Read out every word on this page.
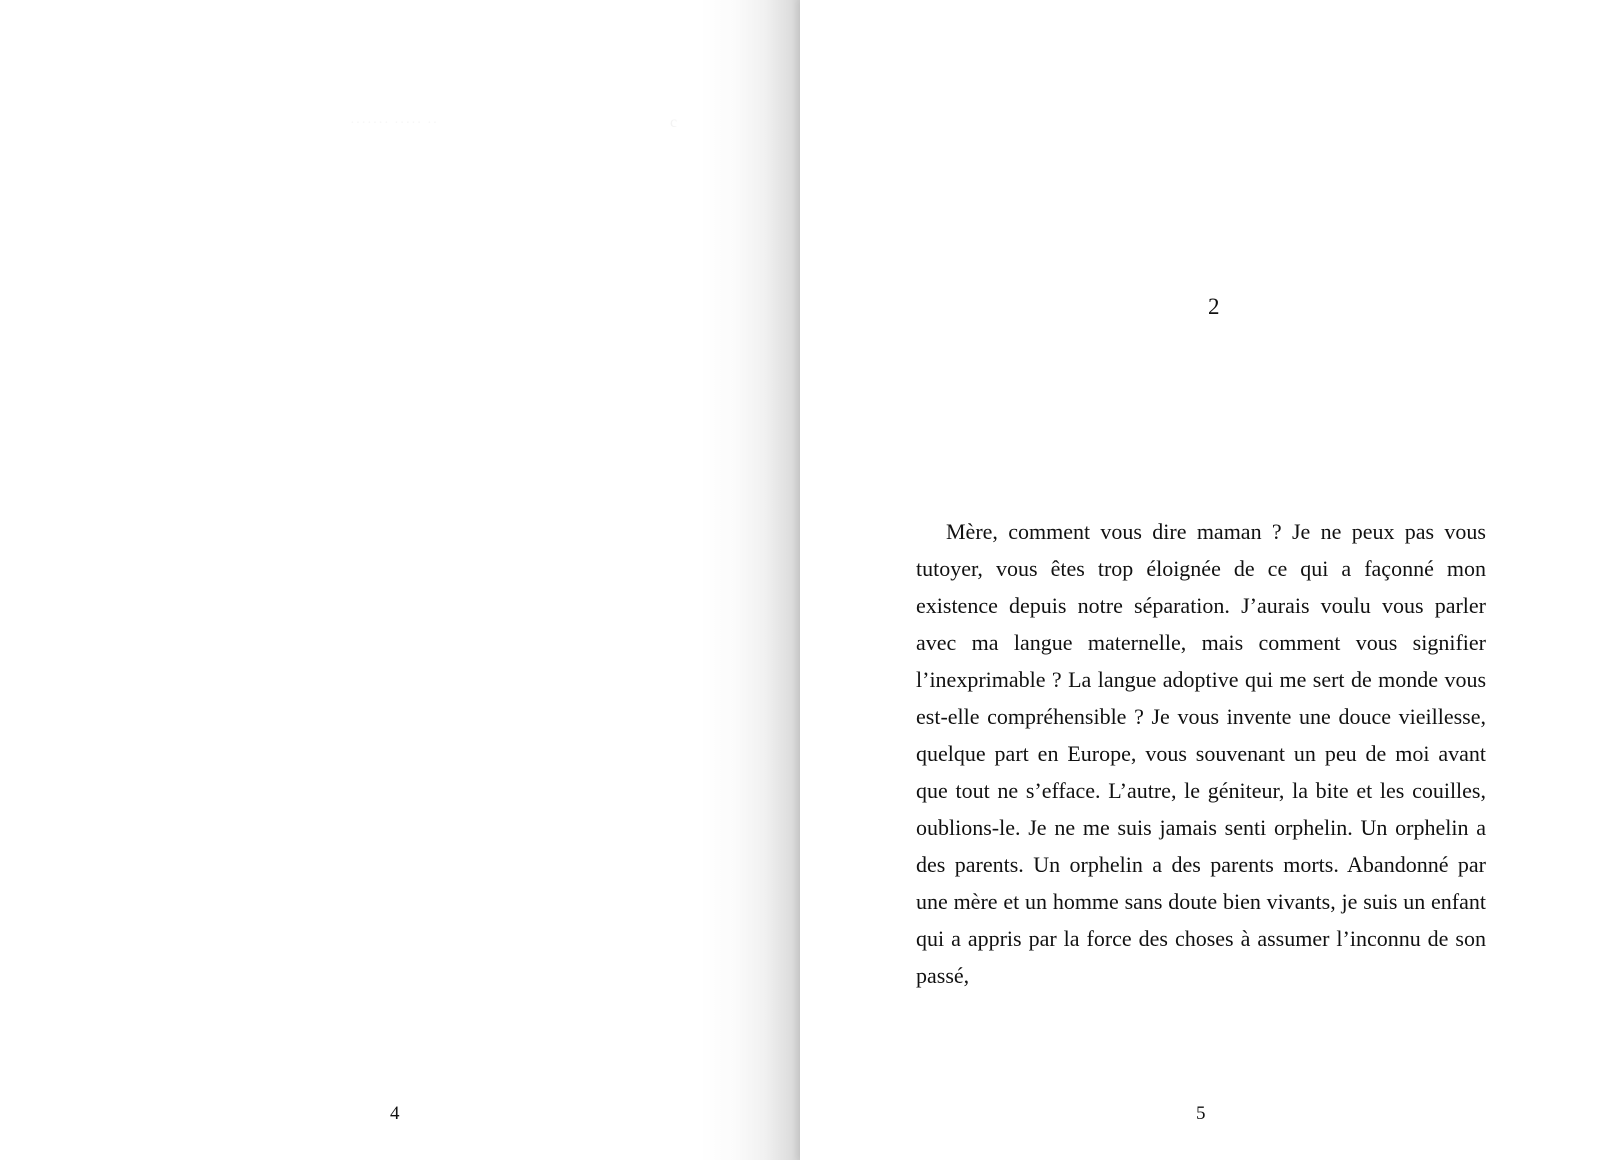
······· ····· ··	c
4
2

Mère, comment vous dire maman ? Je ne peux pas vous tutoyer, vous êtes trop éloignée de ce qui a façonné mon existence depuis notre séparation. J’aurais voulu vous parler avec ma langue maternelle, mais comment vous signifier l’inexprimable ? La langue adoptive qui me sert de monde vous est-elle compréhensible ? Je vous invente une douce vieillesse, quelque part en Europe, vous souvenant un peu de moi avant que tout ne s’efface. L’autre, le géniteur, la bite et les couilles, oublions-le. Je ne me suis jamais senti orphelin. Un orphelin a des parents. Un orphelin a des parents morts. Abandonné par une mère et un homme sans doute bien vivants, je suis un enfant qui a appris par la force des choses à assumer l’inconnu de son passé,

5
